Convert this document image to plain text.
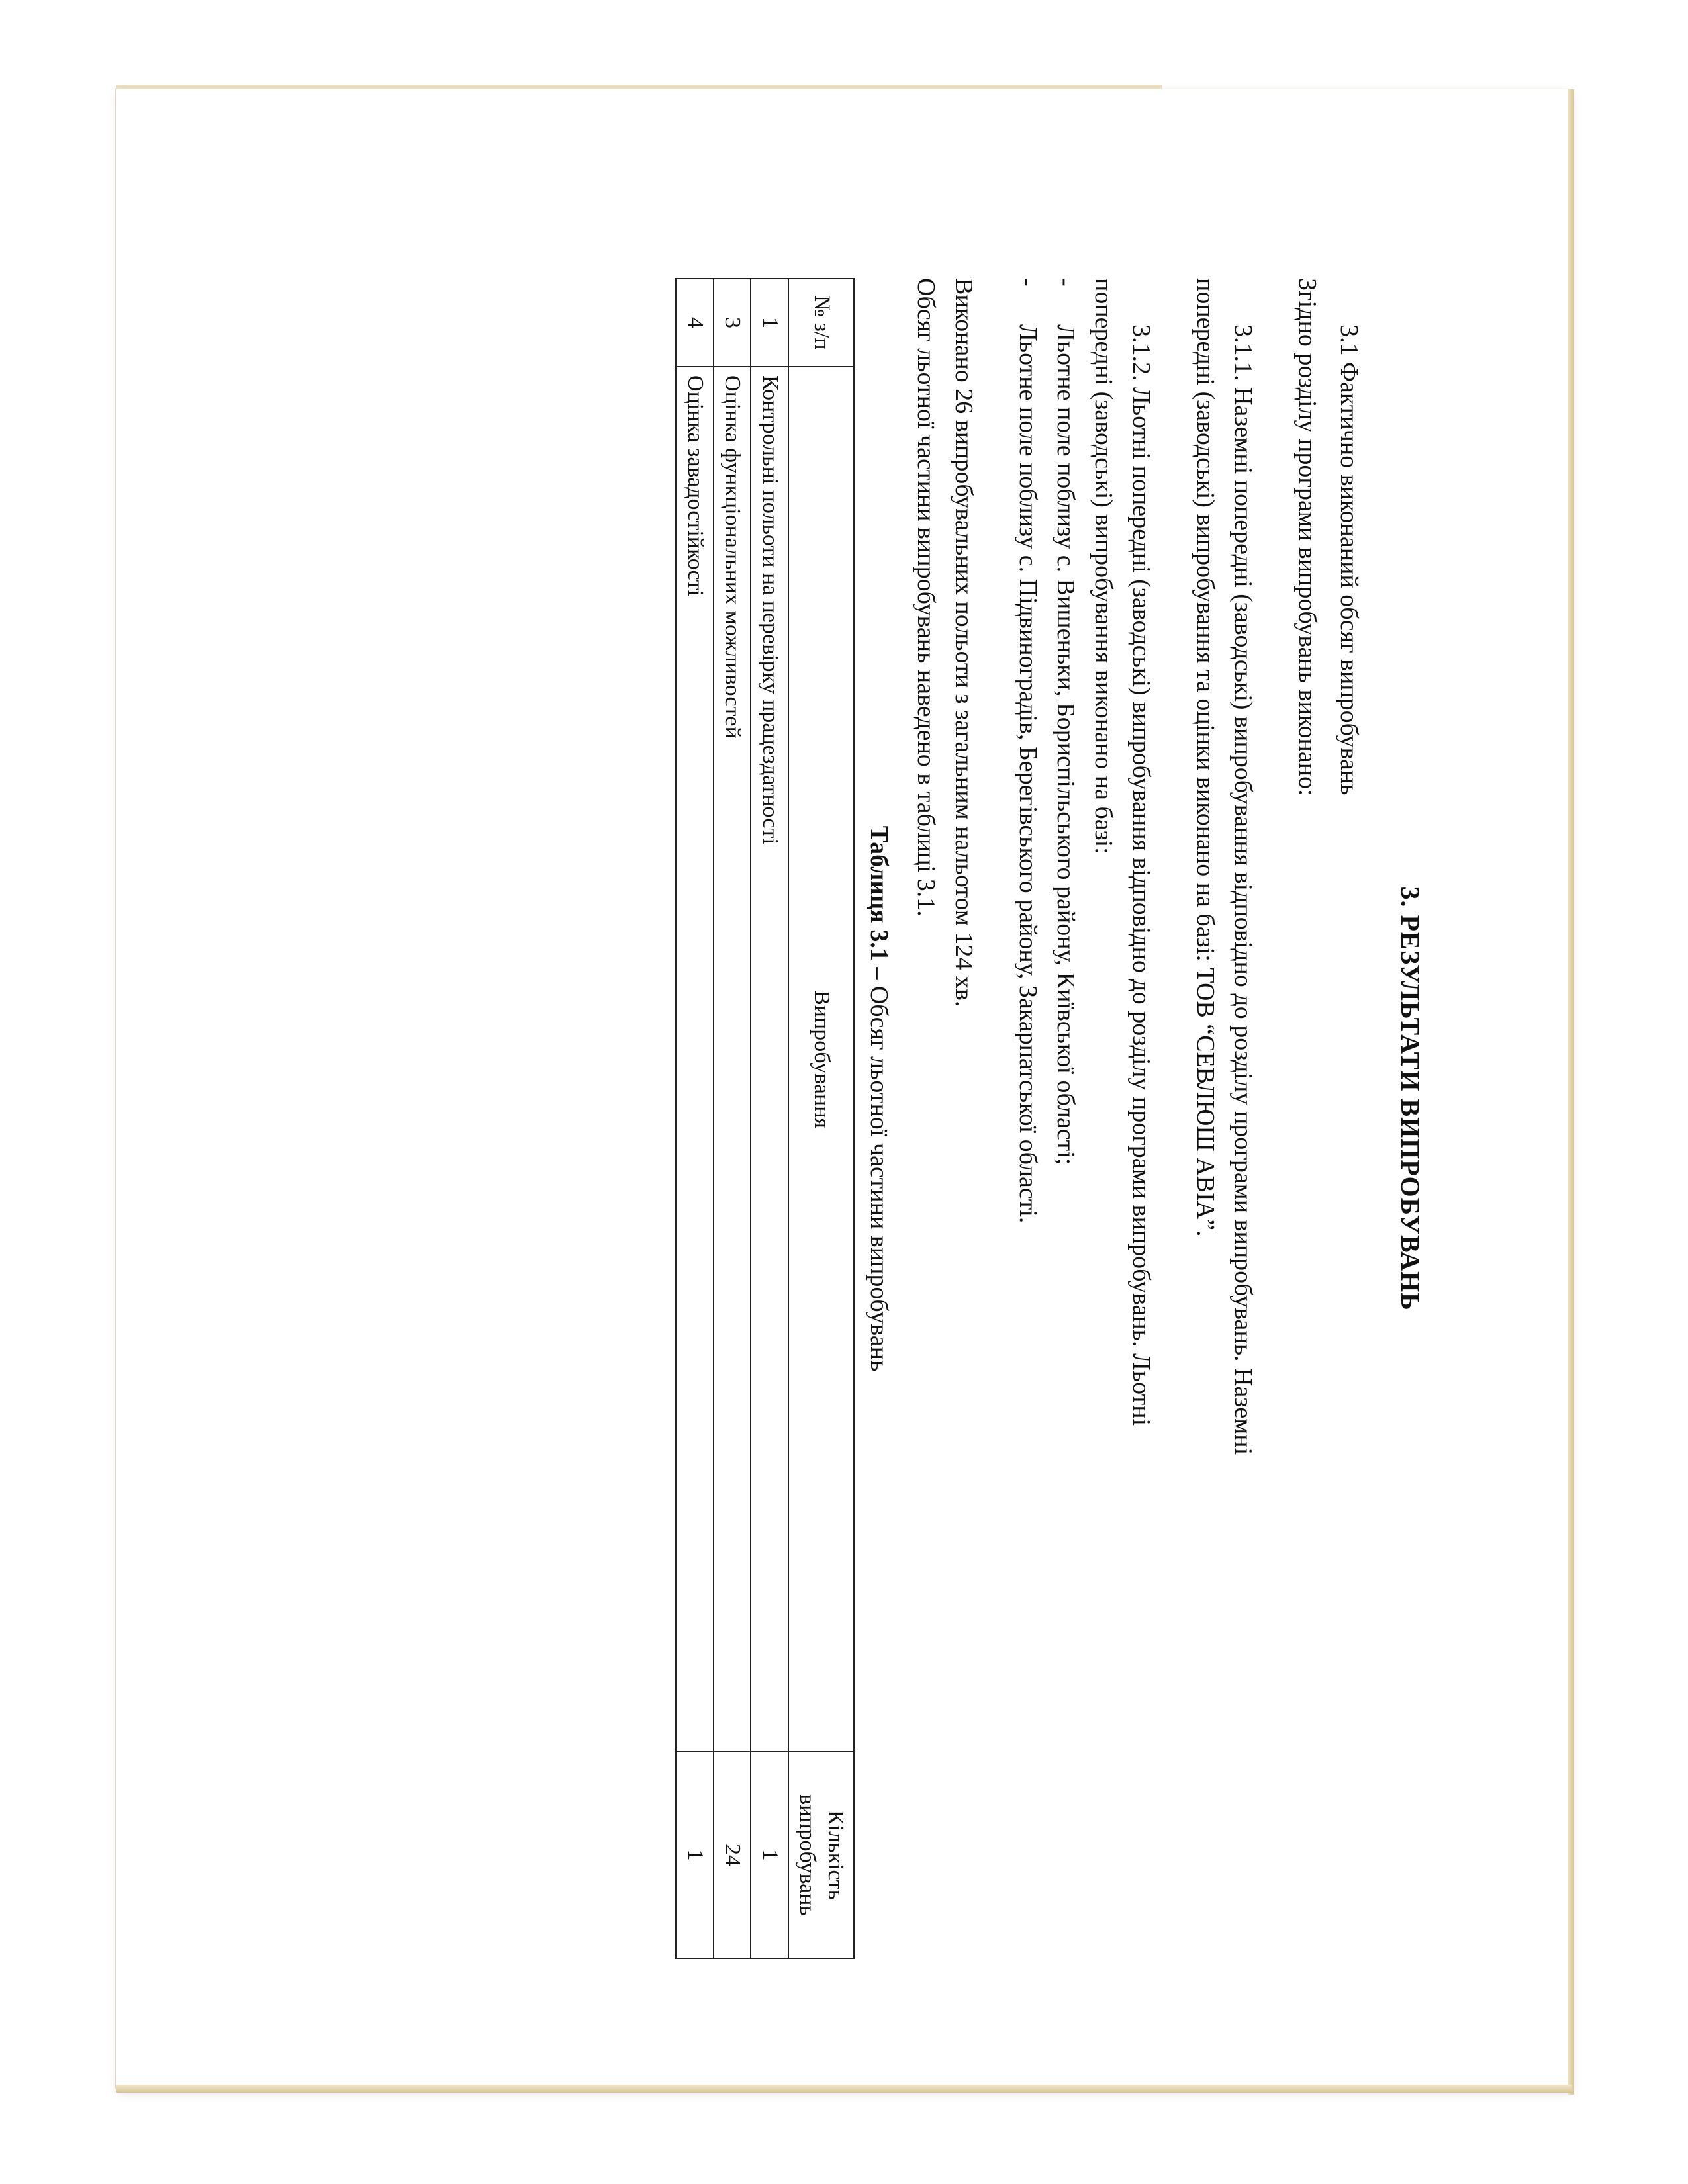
3. РЕЗУЛЬТАТИ ВИПРОБУВАНЬ

3.1 Фактично виконаний обсяг випробувань

Згідно розділу програми випробувань виконано:

3.1.1. Наземні попередні (заводські) випробування відповідно до розділу програми випробувань. Наземні

попередні (заводські) випробування та оцінки виконано на базі: ТОВ “СЕВЛЮШ АВІА”.

3.1.2. Льотні попередні (заводські) випробування відповідно до розділу програми випробувань. Льотні

попередні (заводські) випробування виконано на базі:

-
Льотне поле поблизу с. Вишеньки, Бориспільського району, Київської області;
-
Льотне поле поблизу с. Підвиноградів, Берегівського району, Закарпатської області.

Виконано 26 випробувальних польоти з загальним нальотом 124 хв.

Обсяг льотної частини випробувань наведено в таблиці 3.1.

Таблиця 3.1 – Обсяг льотної частини випробувань
№ з/п	Випробування	Кількість випробувань
1	Контрольні польоти на перевірку працездатності	1
3	Оцінка функціональних можливостей	24
4	Оцінка завадостійкості	1
